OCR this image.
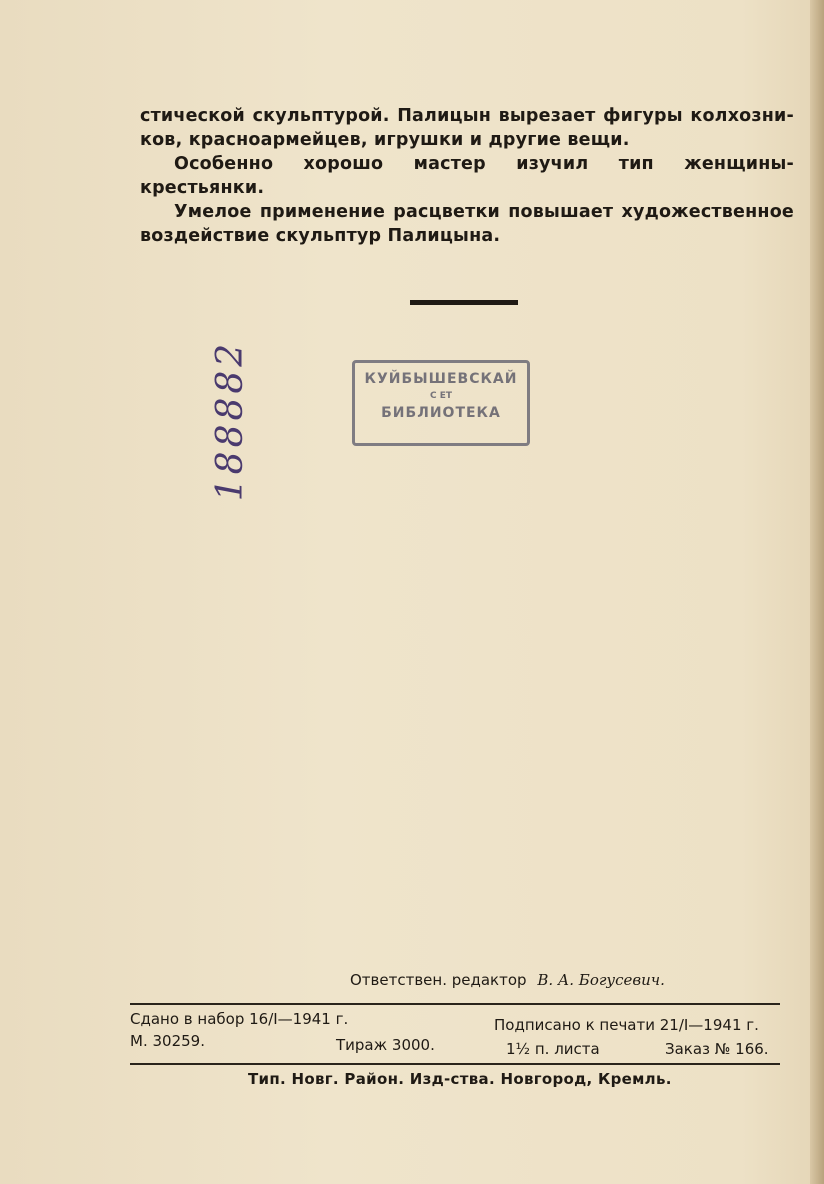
стической скульптурой. Палицын вырезает фигуры колхозни-

ков, красноармейцев, игрушки и другие вещи.

Особенно хорошо мастер изучил тип женщины-крестьянки.

Умелое применение расцветки повышает художественное

воздействие скульптур Палицына.

188882	КУЙБЫШЕВСКАЙ
С ЕТ
БИБЛИОТЕКА
Ответствен. редактор В. А. Богусевич.
Сдано в набор 16/I—1941 г.
М. 30259.	Тираж 3000.
Подписано к печати 21/I—1941 г.
1½ п. листа	Заказ № 166.
Тип. Новг. Район. Изд-ства. Новгород, Кремль.
